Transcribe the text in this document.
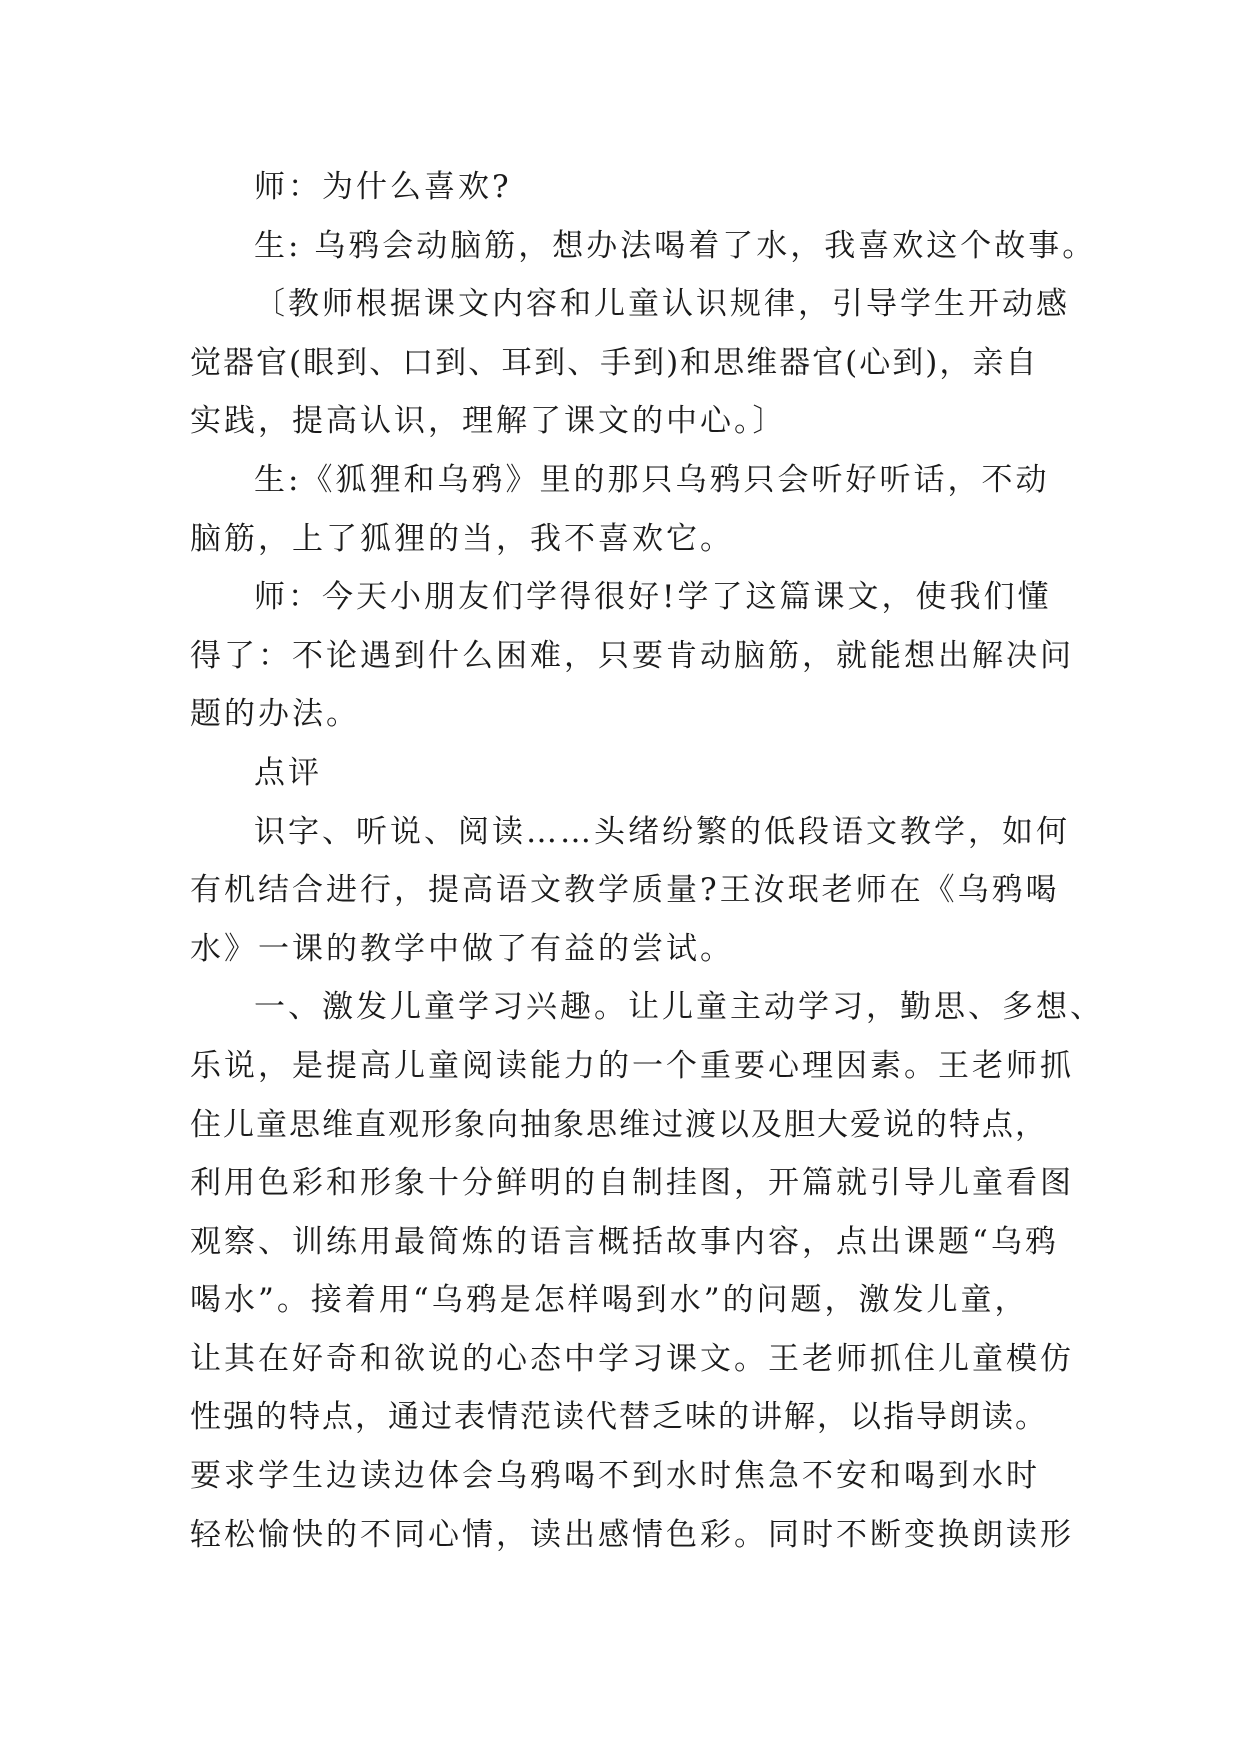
师：为什么喜欢?
生: 乌鸦会动脑筋，想办法喝着了水，我喜欢这个故事。
〔教师根据课文内容和儿童认识规律，引导学生开动感
觉器官(眼到、口到、耳到、手到)和思维器官(心到)，亲自
实践，提高认识，理解了课文的中心。〕
生:《狐狸和乌鸦》里的那只乌鸦只会听好听话，不动
脑筋，上了狐狸的当，我不喜欢它。
师：今天小朋友们学得很好!学了这篇课文，使我们懂
得了：不论遇到什么困难，只要肯动脑筋，就能想出解决问
题的办法。
点评
识字、听说、阅读……头绪纷繁的低段语文教学，如何
有机结合进行，提高语文教学质量?王汝珉老师在《乌鸦喝
水》一课的教学中做了有益的尝试。
一、激发儿童学习兴趣。让儿童主动学习，勤思、多想、
乐说，是提高儿童阅读能力的一个重要心理因素。王老师抓
住儿童思维直观形象向抽象思维过渡以及胆大爱说的特点，
利用色彩和形象十分鲜明的自制挂图，开篇就引导儿童看图
观察、训练用最简炼的语言概括故事内容，点出课题“乌鸦
喝水”。接着用“乌鸦是怎样喝到水”的问题，激发儿童，
让其在好奇和欲说的心态中学习课文。王老师抓住儿童模仿
性强的特点，通过表情范读代替乏味的讲解，以指导朗读。
要求学生边读边体会乌鸦喝不到水时焦急不安和喝到水时
轻松愉快的不同心情，读出感情色彩。同时不断变换朗读形
